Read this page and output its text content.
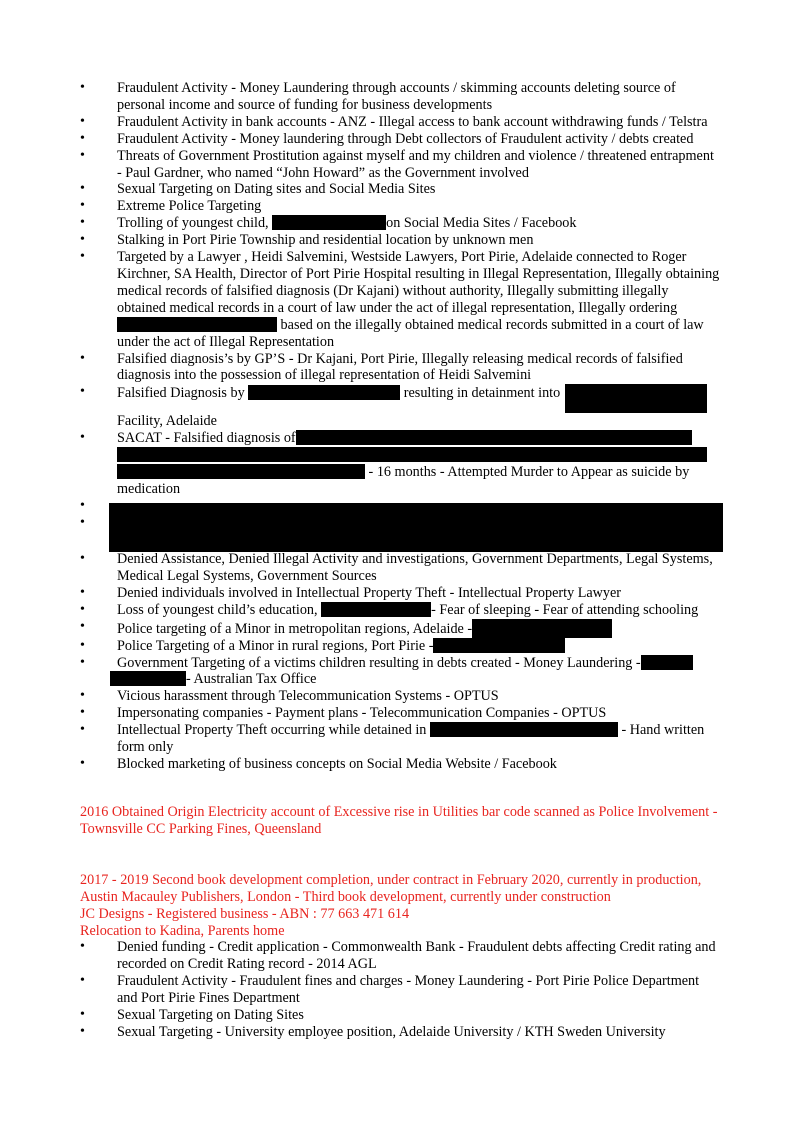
• Fraudulent Activity - Money Laundering through accounts / skimming accounts deleting source of personal income and source of funding for business developments
• Fraudulent Activity in bank accounts - ANZ - Illegal access to bank account withdrawing funds / Telstra
• Fraudulent Activity - Money laundering through Debt collectors of Fraudulent activity / debts created
• Threats of Government Prostitution against myself and my children and violence / threatened entrapment - Paul Gardner, who named “John Howard” as the Government involved
• Sexual Targeting on Dating sites and Social Media Sites
• Extreme Police Targeting
• Trolling of youngest child,	on Social Media Sites / Facebook
• Stalking in Port Pirie Township and residential location by unknown men
• Targeted by a Lawyer , Heidi Salvemini, Westside Lawyers, Port Pirie, Adelaide connected to Roger Kirchner, SA Health, Director of Port Pirie Hospital resulting in Illegal Representation, Illegally obtaining medical records of falsified diagnosis (Dr Kajani) without authority, Illegally submitting illegally obtained medical records in a court of law under the act of illegal representation, Illegally ordering  based on the illegally obtained medical records submitted in a court of law under the act of Illegal Representation
• Falsified diagnosis’s by GP’S - Dr Kajani, Port Pirie, Illegally releasing medical records of falsified diagnosis into the possession of illegal representation of Heidi Salvemini
• Falsified Diagnosis by	resulting in detainment into
Facility, Adelaide
• SACAT - Falsified diagnosis of

- 16 months - Attempted Murder to Appear as suicide by medication
•
•
• Denied Assistance, Denied Illegal Activity and investigations, Government Departments, Legal Systems, Medical Legal Systems, Government Sources
• Denied individuals involved in Intellectual Property Theft - Intellectual Property Lawyer
• Loss of youngest child’s education,	- Fear of sleeping - Fear of attending schooling
• Police targeting of a Minor in metropolitan regions, Adelaide -
• Police Targeting of a Minor in rural regions, Port Pirie -
• Government Targeting of a victims children resulting in debts created - Money Laundering -
- Australian Tax Office
• Vicious harassment through Telecommunication Systems - OPTUS
• Impersonating companies - Payment plans - Telecommunication Companies - OPTUS
• Intellectual Property Theft occurring while detained in	- Hand written form only
• Blocked marketing of business concepts on Social Media Website / Facebook
2016 Obtained Origin Electricity account of Excessive rise in Utilities bar code scanned as Police Involvement - Townsville CC Parking Fines, Queensland
2017 - 2019 Second book development completion, under contract in February 2020, currently in production, Austin Macauley Publishers, London - Third book development, currently under construction
JC Designs - Registered business - ABN : 77 663 471 614
Relocation to Kadina, Parents home
• Denied funding - Credit application - Commonwealth Bank - Fraudulent debts affecting Credit rating and recorded on Credit Rating record - 2014 AGL
• Fraudulent Activity - Fraudulent fines and charges - Money Laundering - Port Pirie Police Department and Port Pirie Fines Department
• Sexual Targeting on Dating Sites
• Sexual Targeting - University employee position, Adelaide University / KTH Sweden University
